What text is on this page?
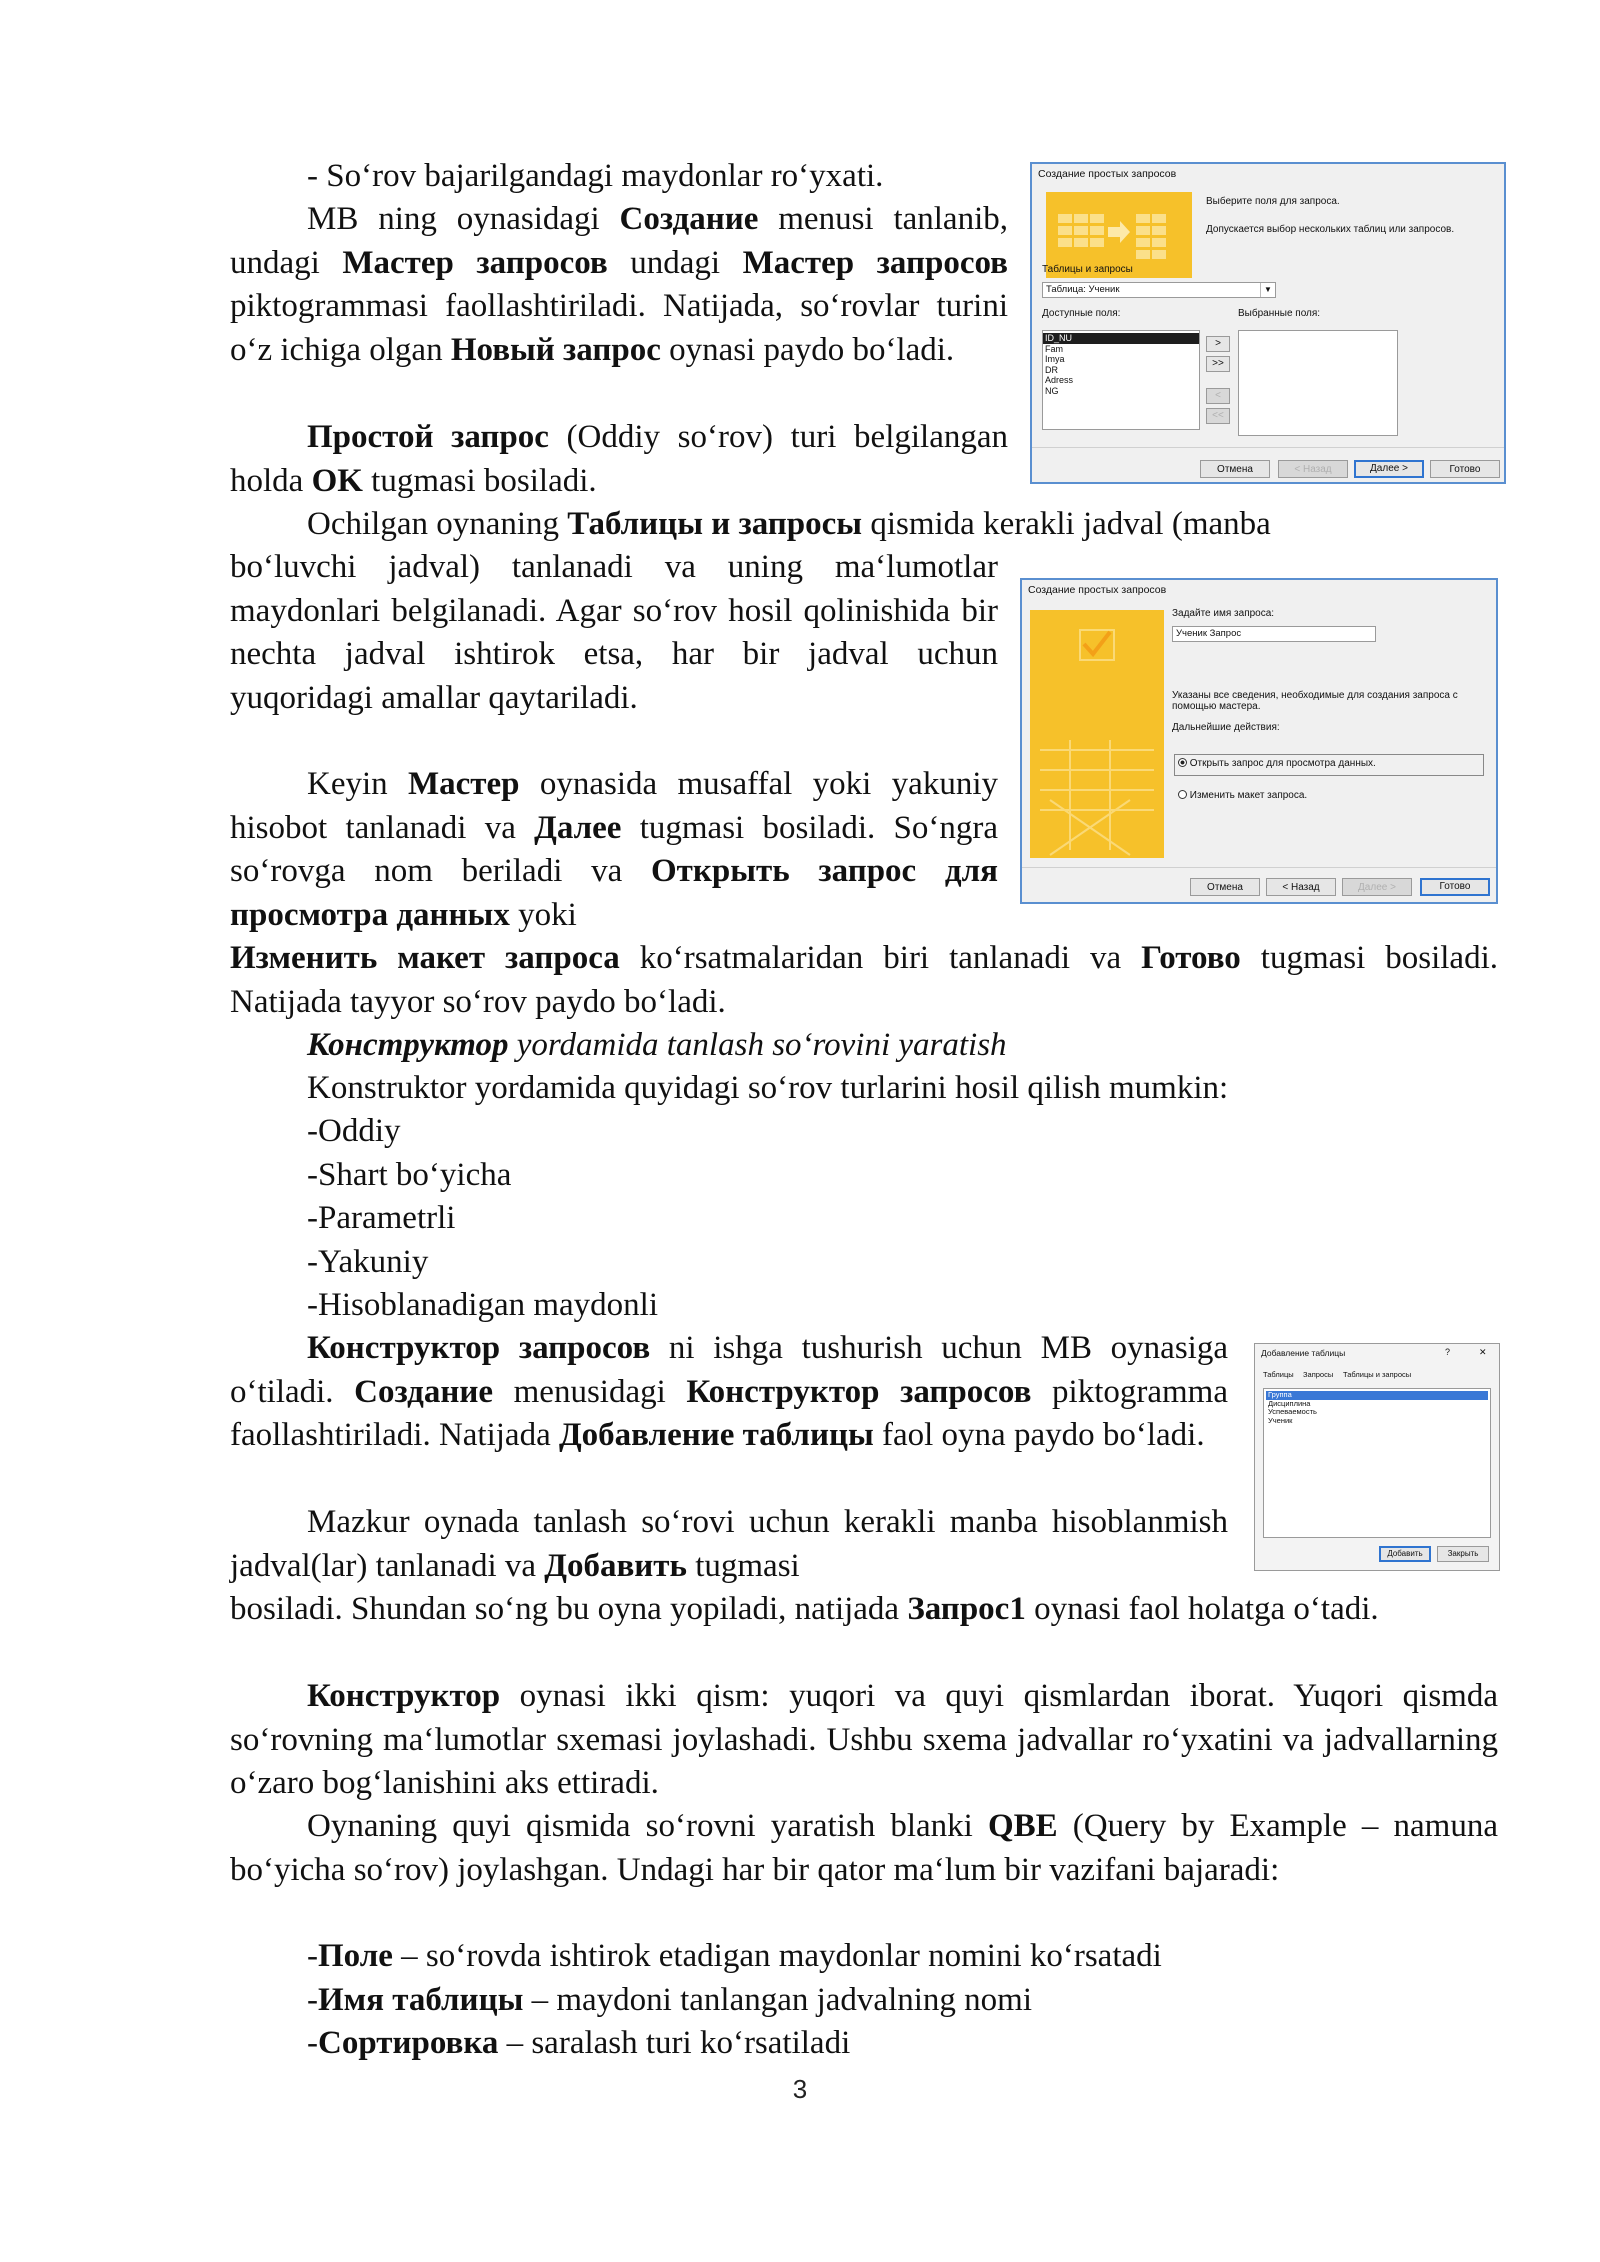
- So‘rov bajarilgandagi maydonlar ro‘yxati.

MB ning oynasidagi Создание menusi tanlanib, undagi Мастер запросов undagi Мастер запросов piktogrammasi faollashtiriladi. Natijada, so‘rovlar turini o‘z ichiga olgan Новый запрос oynasi paydo bo‘ladi.

Простой запрос (Oddiy so‘rov) turi belgilangan holda OK tugmasi bosiladi.

Ochilgan oynaning Таблицы и запросы qismida kerakli jadval (manba

bo‘luvchi jadval) tanlanadi va uning ma‘lumotlar maydonlari belgilanadi. Agar so‘rov hosil qolinishida bir nechta jadval ishtirok etsa, har bir jadval uchun yuqoridagi amallar qaytariladi.

Keyin Мастер oynasida musaffal yoki yakuniy hisobot tanlanadi va Далее tugmasi bosiladi. So‘ngra so‘rovga nom beriladi va Открыть запрос для просмотра данных yoki

Изменить макет запроса ko‘rsatmalaridan biri tanlanadi va Готово tugmasi bosiladi. Natijada tayyor so‘rov paydo bo‘ladi.

Конструктор yordamida tanlash so‘rovini yaratish

Konstruktor yordamida quyidagi so‘rov turlarini hosil qilish mumkin:

-Oddiy
-Shart bo‘yicha
-Parametrli
-Yakuniy
-Hisoblanadigan maydonli

Конструктор запросов ni ishga tushurish uchun MB oynasiga o‘tiladi. Создание menusidagi Конструктор запросов piktogramma faollashtiriladi. Natijada Добавление таблицы faol oyna paydo bo‘ladi.

Mazkur oynada tanlash so‘rovi uchun kerakli manba hisoblanmish jadval(lar) tanlanadi va Добавить tugmasi

bosiladi. Shundan so‘ng bu oyna yopiladi, natijada Запрос1 oynasi faol holatga o‘tadi.

Конструктор oynasi ikki qism: yuqori va quyi qismlardan iborat. Yuqori qismda so‘rovning ma‘lumotlar sxemasi joylashadi. Ushbu sxema jadvallar ro‘yxatini va jadvallarning o‘zaro bog‘lanishini aks ettiradi.

Oynaning quyi qismida so‘rovni yaratish blanki QBE (Query by Example – namuna bo‘yicha so‘rov) joylashgan. Undagi har bir qator ma‘lum bir vazifani bajaradi:

-Поле – so‘rovda ishtirok etadigan maydonlar nomini ko‘rsatadi
-Имя таблицы – maydoni tanlangan jadvalning nomi
-Сортировка – saralash turi ko‘rsatiladi
3
Создание простых запросов
Выберите поля для запроса.
Допускается выбор нескольких таблиц или запросов.
Таблицы и запросы
Таблица: Ученик	▼
Доступные поля:	Выбранные поля:
ID_NU
Fam
Imya
DR
Adress
NG
>
>>
<
<<
Отмена	< Назад	Далее >	Готово
Создание простых запросов
Задайте имя запроса:
Ученик Запрос
Указаны все сведения, необходимые для создания запроса с помощью мастера.
Дальнейшие действия:
Открыть запрос для просмотра данных.
Изменить макет запроса.
Отмена	< Назад	Далее >	Готово
Добавление таблицы	?	✕
Таблицы Запросы Таблицы и запросы
Группа
Дисциплина
Успеваемость
Ученик
Добавить	Закрыть
